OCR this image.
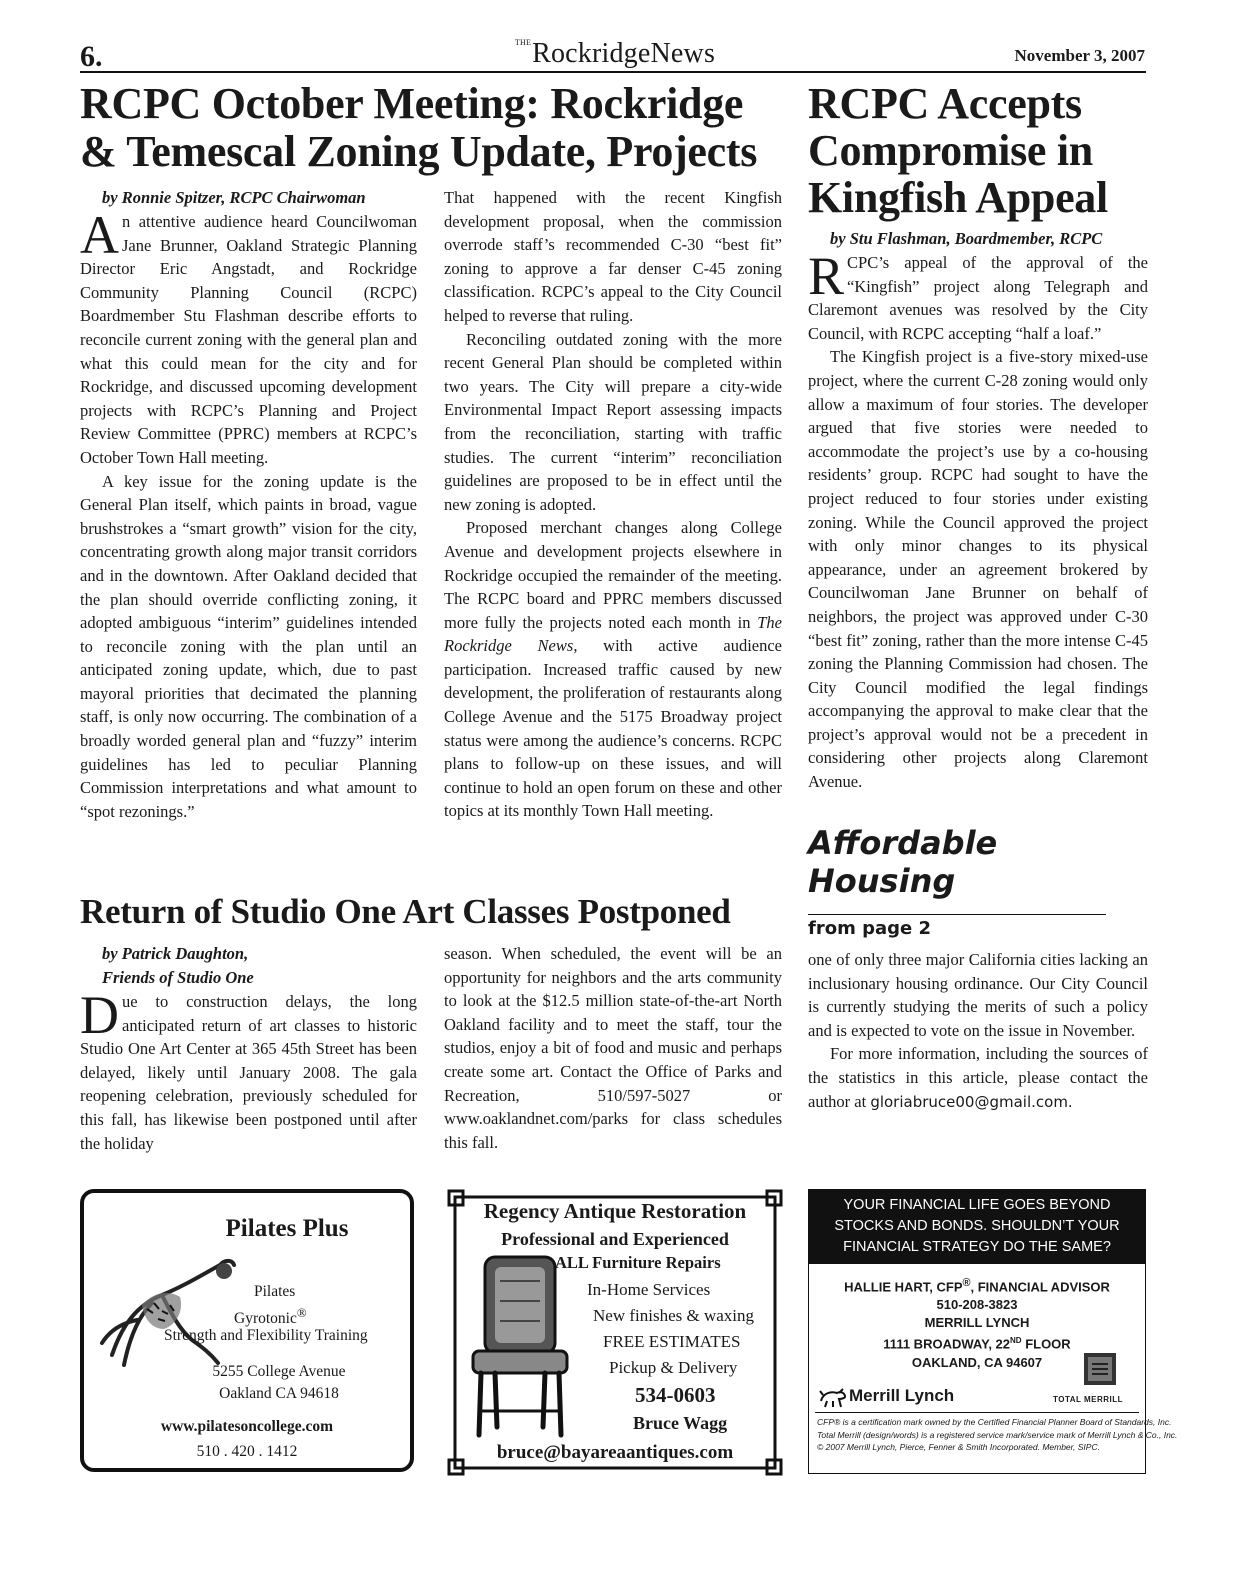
6.	$^{THE}$RockridgeNews	November 3, 2007
RCPC October Meeting: Rockridge & Temescal Zoning Update, Projects

by Ronnie Spitzer, RCPC Chairwoman

An attentive audience heard Councilwoman Jane Brunner, Oakland Strategic Planning Director Eric Angstadt, and Rockridge Community Planning Council (RCPC) Boardmember Stu Flashman describe efforts to reconcile current zoning with the general plan and what this could mean for the city and for Rockridge, and discussed upcoming development projects with RCPC’s Planning and Project Review Committee (PPRC) members at RCPC’s October Town Hall meeting.

A key issue for the zoning update is the General Plan itself, which paints in broad, vague brushstrokes a “smart growth” vision for the city, concentrating growth along major transit corridors and in the downtown. After Oakland decided that the plan should override conflicting zoning, it adopted ambiguous “interim” guidelines intended to reconcile zoning with the plan until an anticipated zoning update, which, due to past mayoral priorities that decimated the planning staff, is only now occurring. The combination of a broadly worded general plan and “fuzzy” interim guidelines has led to peculiar Planning Commission interpretations and what amount to “spot rezonings.”

That happened with the recent Kingfish development proposal, when the commission overrode staff’s recommended C-30 “best fit” zoning to approve a far denser C-45 zoning classification. RCPC’s appeal to the City Council helped to reverse that ruling.

Reconciling outdated zoning with the more recent General Plan should be completed within two years. The City will prepare a city-wide Environmental Impact Report assessing impacts from the reconciliation, starting with traffic studies. The current “interim” reconciliation guidelines are proposed to be in effect until the new zoning is adopted.

Proposed merchant changes along College Avenue and development projects elsewhere in Rockridge occupied the remainder of the meeting. The RCPC board and PPRC members discussed more fully the projects noted each month in The Rockridge News, with active audience participation. Increased traffic caused by new development, the proliferation of restaurants along College Avenue and the 5175 Broadway project status were among the audience’s concerns. RCPC plans to follow-up on these issues, and will continue to hold an open forum on these and other topics at its monthly Town Hall meeting.

RCPC Accepts Compromise in Kingfish Appeal

by Stu Flashman, Boardmember, RCPC

RCPC’s appeal of the approval of the “Kingfish” project along Telegraph and Claremont avenues was resolved by the City Council, with RCPC accepting “half a loaf.”

The Kingfish project is a five-story mixed-use project, where the current C-28 zoning would only allow a maximum of four stories. The developer argued that five stories were needed to accommodate the project’s use by a co-housing residents’ group. RCPC had sought to have the project reduced to four stories under existing zoning. While the Council approved the project with only minor changes to its physical appearance, under an agreement brokered by Councilwoman Jane Brunner on behalf of neighbors, the project was approved under C-30 “best fit” zoning, rather than the more intense C-45 zoning the Planning Commission had chosen. The City Council modified the legal findings accompanying the approval to make clear that the project’s approval would not be a precedent in considering other projects along Claremont Avenue.

Affordable Housing
from page 2

one of only three major California cities lacking an inclusionary housing ordinance. Our City Council is currently studying the merits of such a policy and is expected to vote on the issue in November.

For more information, including the sources of the statistics in this article, please contact the author at gloriabruce00@gmail.com.

Return of Studio One Art Classes Postponed

by Patrick Daughton,

Friends of Studio One

Due to construction delays, the long anticipated return of art classes to historic Studio One Art Center at 365 45th Street has been delayed, likely until January 2008. The gala reopening celebration, previously scheduled for this fall, has likewise been postponed until after the holiday

season. When scheduled, the event will be an opportunity for neighbors and the arts community to look at the $12.5 million state-of-the-art North Oakland facility and to meet the staff, tour the studios, enjoy a bit of food and music and perhaps create some art. Contact the Office of Parks and Recreation, 510/597-5027 or www.oaklandnet.com/parks for class schedules this fall.

Pilates Plus
Pilates
Gyrotonic®
Strength and Flexibility Training
5255 College Avenue
Oakland CA 94618
www.pilatesoncollege.com
510 . 420 . 1412
Regency Antique Restoration
Professional and Experienced
ALL Furniture Repairs
In-Home Services
New finishes & waxing
FREE ESTIMATES
Pickup & Delivery
534-0603
Bruce Wagg
bruce@bayareaantiques.com
YOUR FINANCIAL LIFE GOES BEYOND
STOCKS AND BONDS. SHOULDN’T YOUR
FINANCIAL STRATEGY DO THE SAME?
HALLIE HART, CFP®, FINANCIAL ADVISOR
510-208-3823
MERRILL LYNCH
1111 BROADWAY, 22ND FLOOR
OAKLAND, CA 94607
Merrill Lynch	TOTAL MERRILL
CFP® is a certification mark owned by the Certified Financial Planner Board of Standards, Inc.
Total Merrill (design/words) is a registered service mark/service mark of Merrill Lynch & Co., Inc.
© 2007 Merrill Lynch, Pierce, Fenner & Smith Incorporated. Member, SIPC.
